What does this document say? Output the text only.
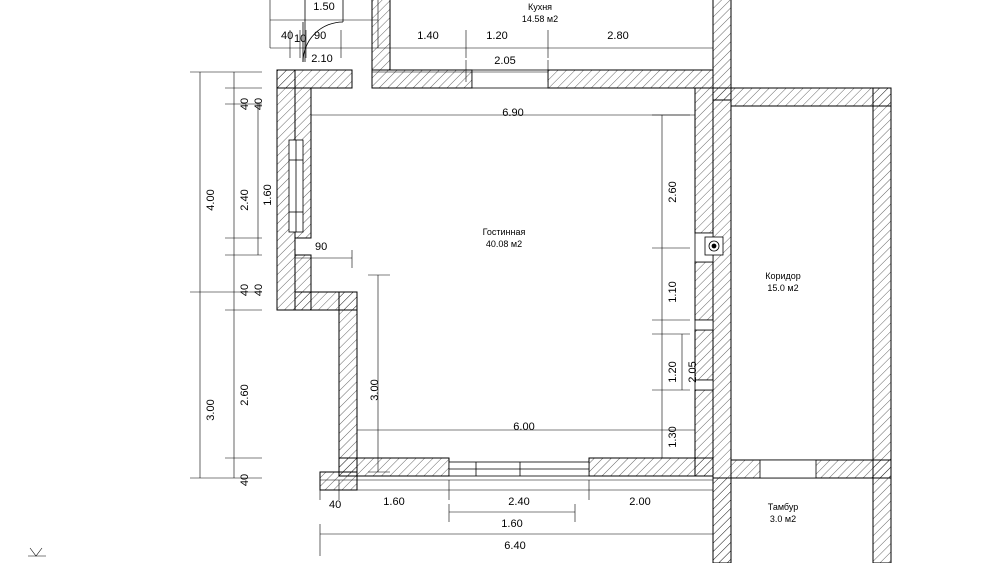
Кухня
14.58 м2
Гостинная
40.08 м2
Коридор
15.0 м2
Тамбур
3.0 м2
1.50
40 10 90
2.10
1.40	1.20	2.80
2.05
4.00
3.00
40 40
2.40 1.60
40 40
2.60
40
90
3.00
2.60
1.10
1.20 2.05
1.30
6.90
6.00
40	1.60	2.40	2.00
1.60
6.40
